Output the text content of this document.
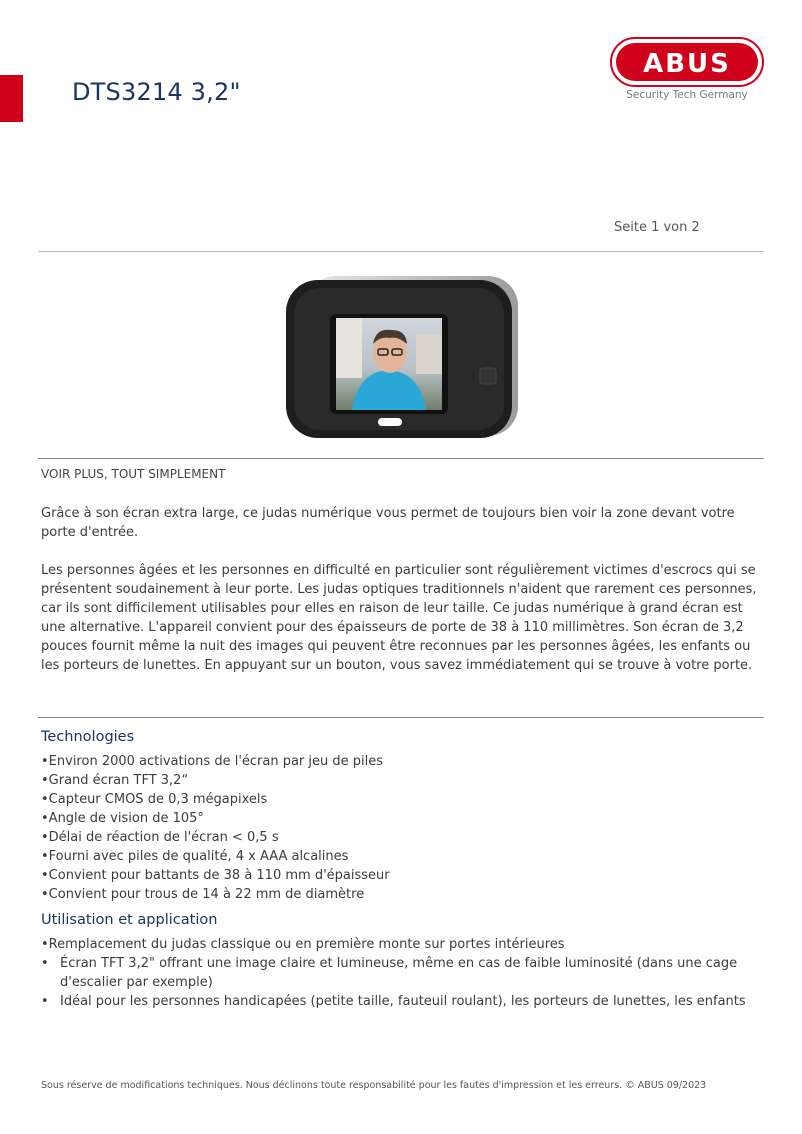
DTS3214 3,2"
ABUS
Security Tech Germany
Seite 1 von 2
VOIR PLUS, TOUT SIMPLEMENT

Grâce à son écran extra large, ce judas numérique vous permet de toujours bien voir la zone devant votre porte d'entrée.

Les personnes âgées et les personnes en difficulté en particulier sont régulièrement victimes d'escrocs qui se présentent soudainement à leur porte. Les judas optiques traditionnels n'aident que rarement ces personnes, car ils sont difficilement utilisables pour elles en raison de leur taille. Ce judas numérique à grand écran est une alternative. L'appareil convient pour des épaisseurs de porte de 38 à 110 millimètres. Son écran de 3,2 pouces fournit même la nuit des images qui peuvent être reconnues par les personnes âgées, les enfants ou les porteurs de lunettes. En appuyant sur un bouton, vous savez immédiatement qui se trouve à votre porte.

Technologies
• Environ 2000 activations de l'écran par jeu de piles
• Grand écran TFT 3,2“
• Capteur CMOS de 0,3 mégapixels
• Angle de vision de 105°
• Délai de réaction de l'écran < 0,5 s
• Fourni avec piles de qualité, 4 x AAA alcalines
• Convient pour battants de 38 à 110 mm d'épaisseur
• Convient pour trous de 14 à 22 mm de diamètre
Utilisation et application
• Remplacement du judas classique ou en première monte sur portes intérieures
• Écran TFT 3,2" offrant une image claire et lumineuse, même en cas de faible luminosité (dans une cage d'escalier par exemple)
• Idéal pour les personnes handicapées (petite taille, fauteuil roulant), les porteurs de lunettes, les enfants
Sous réserve de modifications techniques. Nous déclinons toute responsabilité pour les fautes d'impression et les erreurs. © ABUS 09/2023
